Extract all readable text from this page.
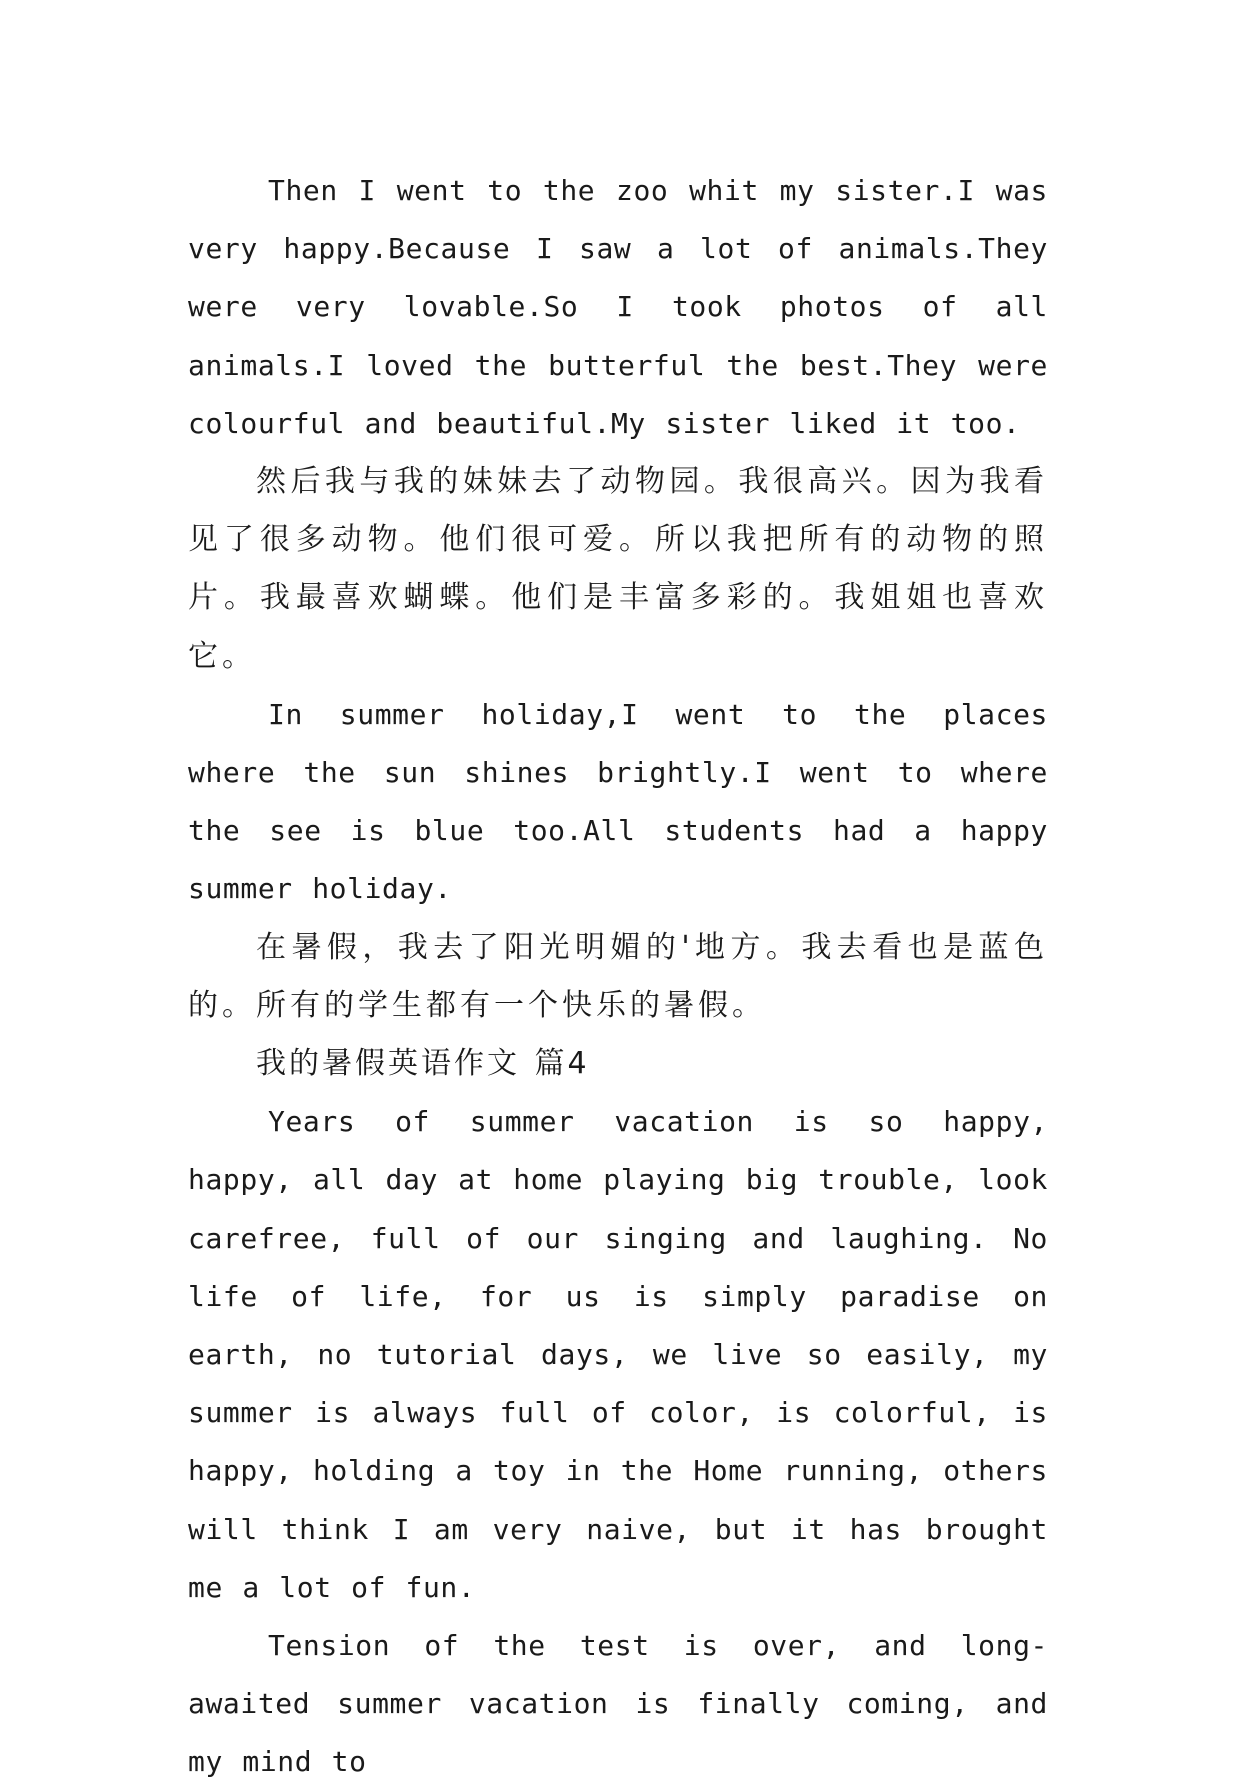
Then I went to the zoo whit my sister.I was very happy.Because I saw a lot of animals.They were very lovable.So I took photos of all animals.I loved the butterful the best.They were colourful and beautiful.My sister liked it too.

然后我与我的妹妹去了动物园。我很高兴。因为我看见了很多动物。他们很可爱。所以我把所有的动物的照片。我最喜欢蝴蝶。他们是丰富多彩的。我姐姐也喜欢它。

In summer holiday,I went to the places where the sun shines brightly.I went to where the see is blue too.All students had a happy summer holiday.

在暑假，我去了阳光明媚的'地方。我去看也是蓝色的。所有的学生都有一个快乐的暑假。

我的暑假英语作文 篇4

Years of summer vacation is so happy, happy, all day at home playing big trouble, look carefree, full of our singing and laughing. No life of life, for us is simply paradise on earth, no tutorial days, we live so easily, my summer is always full of color, is colorful, is happy, holding a toy in the Home running, others will think I am very naive, but it has brought me a lot of fun.

Tension of the test is over, and long-awaited summer vacation is finally coming, and my mind to
